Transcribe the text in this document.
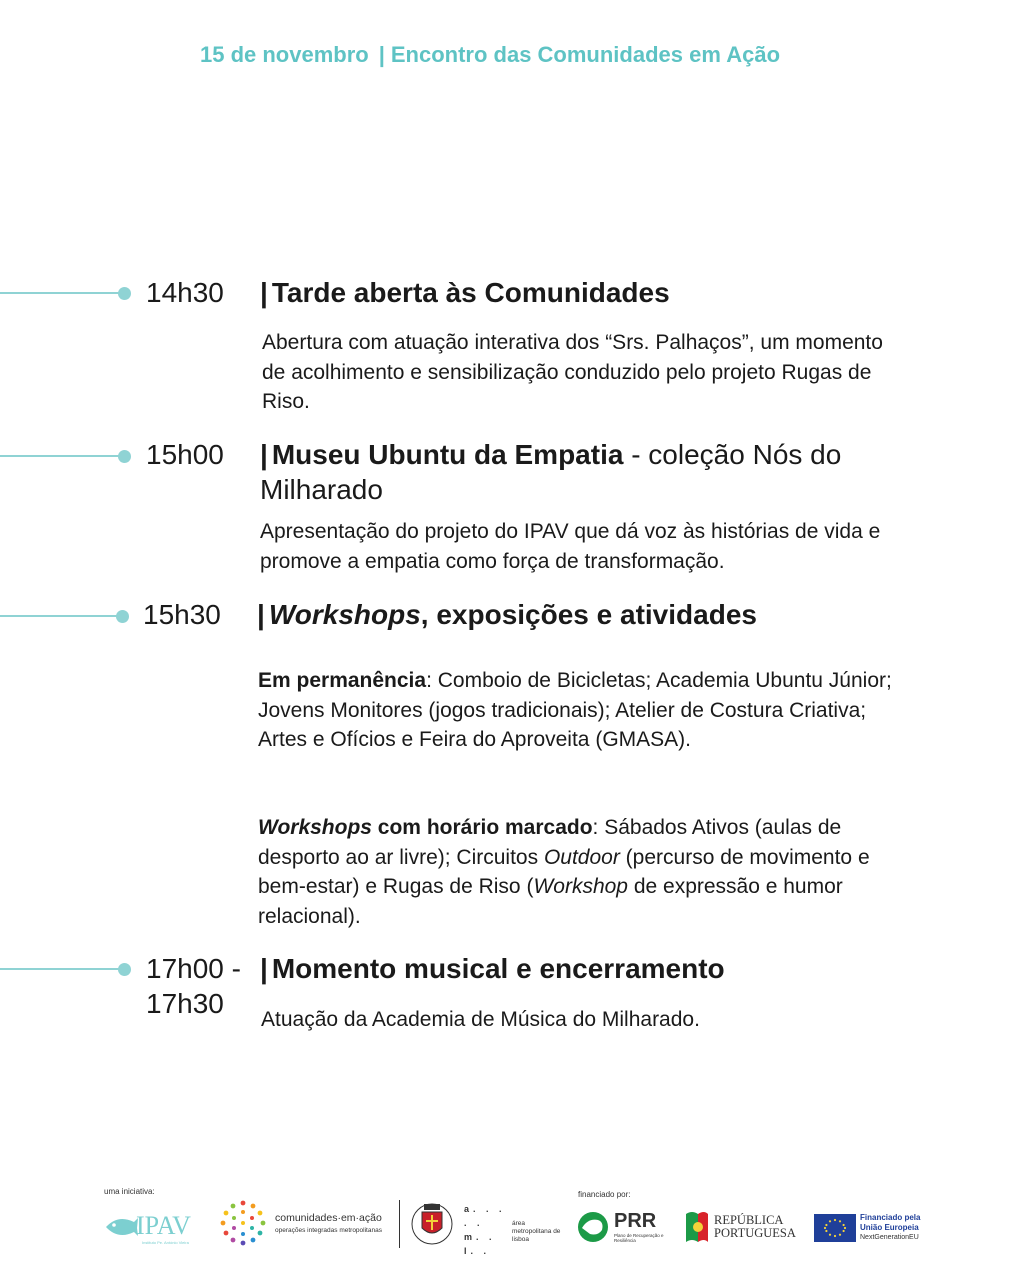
15 de novembro | Encontro das Comunidades em Ação
14h30 | Tarde aberta às Comunidades
Abertura com atuação interativa dos “Srs. Palhaços”, um momento de acolhimento e sensibilização conduzido pelo projeto Rugas de Riso.
15h00 | Museu Ubuntu da Empatia - coleção Nós do Milharado
Apresentação do projeto do IPAV que dá voz às histórias de vida e promove a empatia como força de transformação.
15h30 | Workshops, exposições e atividades
Em permanência: Comboio de Bicicletas; Academia Ubuntu Júnior; Jovens Monitores (jogos tradicionais); Atelier de Costura Criativa; Artes e Ofícios e Feira do Aproveita (GMASA).
Workshops com horário marcado: Sábados Ativos (aulas de desporto ao ar livre); Circuitos Outdoor (percurso de movimento e bem-estar) e Rugas de Riso (Workshop de expressão e humor relacional).
17h00 -
17h30
| Momento musical e encerramento
Atuação da Academia de Música do Milharado.
uma iniciativa:	financiado por:
IPAV
Instituto Pe. António Vieira
comunidades·em·ação
operações integradas metropolitanas
a. . . . . m. . l. .
área metropolitana de lisboa
PRR
Plano de Recuperação e Resiliência
REPÚBLICA PORTUGUESA
Financiado pela
União Europeia
NextGenerationEU
